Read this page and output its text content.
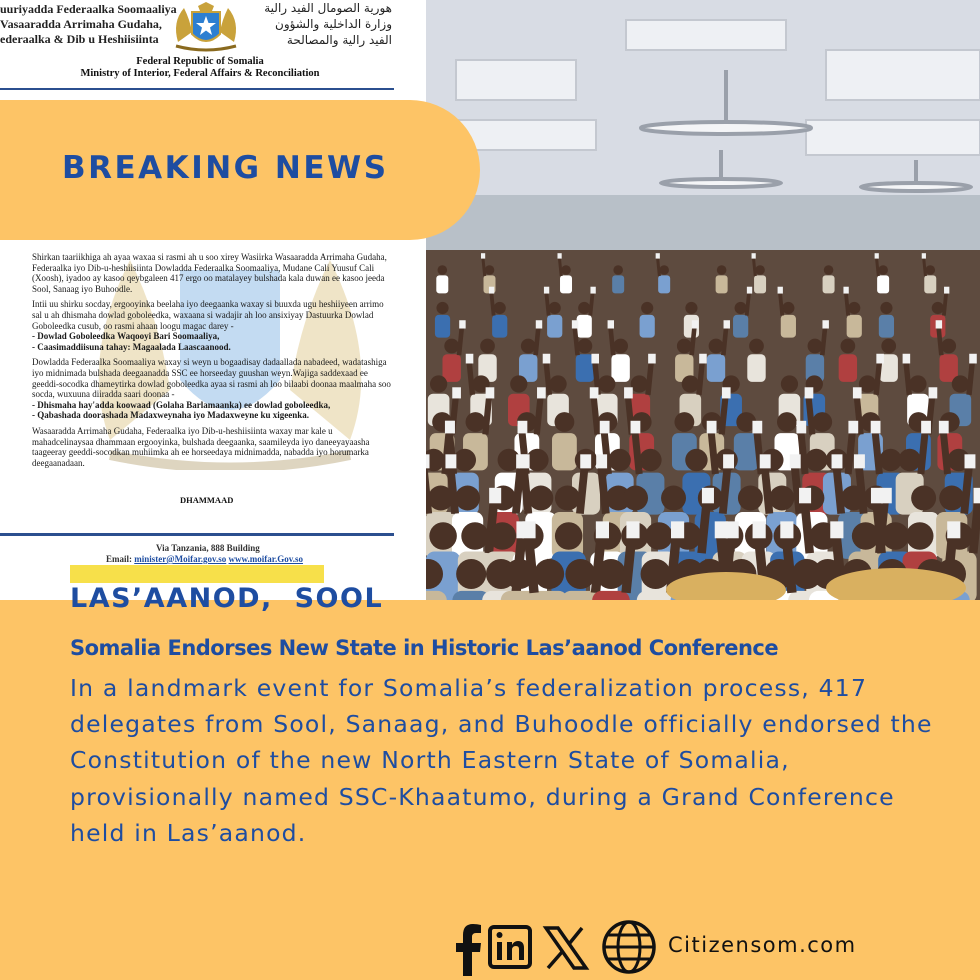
uuriyadda Federaalka Soomaaliya
Vasaaradda Arrimaha Gudaha,
ederaalka & Dib u Heshiisiinta
هورية الصومال الفيد رالية
وزارة الداخلية والشؤون
الفيد رالية والمصالحة
Federal Republic of Somalia
Ministry of Interior, Federal Affairs & Reconciliation

Shirkan taariikhiga ah ayaa waxaa si rasmi ah u soo xirey Wasiirka Wasaaradda Arrimaha Gudaha, Federaalka iyo Dib-u-heshiisiinta Dowladda Federaalka Soomaaliya, Mudane Cali Yuusuf Cali (Xoosh), iyadoo ay kasoo qeybgaleen 417 ergo oo matalayey bulshada kala duwan ee kasoo jeeda Sool, Sanaag iyo Buhoodle.

Intii uu shirku socday, ergooyinka beelaha iyo deegaanka waxay si buuxda ugu heshiiyeen arrimo sal u ah dhismaha dowlad goboleedka, waxaana si wadajir ah loo ansixiyay Dastuurka Dowlad Goboleedka cusub, oo rasmi ahaan loogu magac darey -

- Dowlad Goboleedka Waqooyi Bari Soomaaliya,

- Caasimaddiisuna tahay: Magaalada Laascaanood.

Dowladda Federaalka Soomaaliya waxay si weyn u bogaadisay dadaallada nabadeed, wadatashiga iyo midnimada bulshada deegaanadda SSC ee horseeday guushan weyn.Wajiga saddexaad ee geeddi-socodka dhameytirka dowlad goboleedka ayaa si rasmi ah loo bilaabi doonaa maalmaha soo socda, wuxuuna diiradda saari doonaa -

- Dhismaha hay'adda koowaad (Golaha Barlamaanka) ee dowlad goboleedka,

- Qabashada doorashada Madaxweynaha iyo Madaxweyne ku xigeenka.

Wasaaradda Arrimaha Gudaha, Federaalka iyo Dib-u-heshiisiinta waxay mar kale u mahadcelinaysaa dhammaan ergooyinka, bulshada deegaanka, saamileyda iyo daneeyayaasha taageeray geeddi-socodkan muhiimka ah ee horseedaya midnimadda, nabadda iyo horumarka deegaanadaan.

DHAMMAAD
Via Tanzania, 888 Building
Email: minister@Moifar.gov.so www.moifar.Gov.so
BREAKING NEWS
LAS’AANOD,  SOOL
Somalia Endorses New State in Historic Las’aanod Conference
In a landmark event for Somalia’s federalization process, 417 delegates from Sool, Sanaag, and Buhoodle officially endorsed the Constitution of the new North Eastern State of Somalia, provisionally named SSC-Khaatumo, during a Grand Conference held in Las’aanod.
Citizensom.com
